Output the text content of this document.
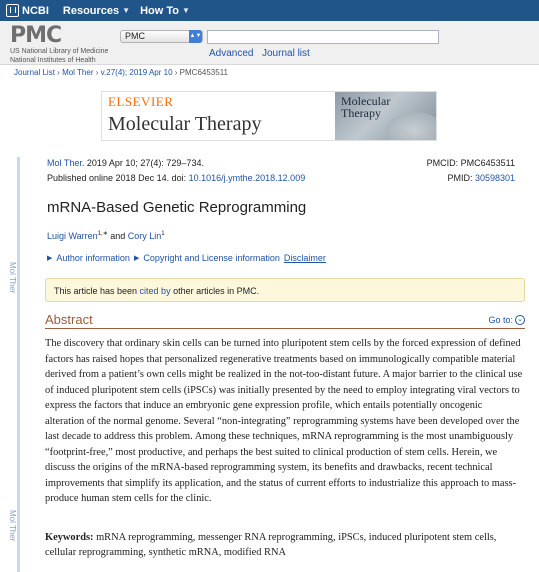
NCBI Resources ▼ How To ▼
PMC
US National Library of Medicine
National Institutes of Health
PMC	▲▼
Advanced Journal list
Journal List › Mol Ther › v.27(4); 2019 Apr 10 › PMC6453511
ELSEVIER
Molecular Therapy
Molecular
Therapy
Mol Ther
Mol Ther
Mol Ther. 2019 Apr 10; 27(4): 729–734.
Published online 2018 Dec 14. doi: 10.1016/j.ymthe.2018.12.009
PMCID: PMC6453511
PMID: 30598301
mRNA-Based Genetic Reprogramming
Luigi Warren$^{1,∗}$ and Cory Lin$^1$
▶ Author information ▶ Copyright and License information Disclaimer
This article has been cited by other articles in PMC.
Abstract	Go to: ⌄

The discovery that ordinary skin cells can be turned into pluripotent stem cells by the forced expression of defined factors has raised hopes that personalized regenerative treatments based on immunologically compatible material derived from a patient’s own cells might be realized in the not-too-distant future. A major barrier to the clinical use of induced pluripotent stem cells (iPSCs) was initially presented by the need to employ integrating viral vectors to express the factors that induce an embryonic gene expression profile, which entails potentially oncogenic alteration of the normal genome. Several “non-integrating” reprogramming systems have been developed over the last decade to address this problem. Among these techniques, mRNA reprogramming is the most unambiguously “footprint-free,” most productive, and perhaps the best suited to clinical production of stem cells. Herein, we discuss the origins of the mRNA-based reprogramming system, its benefits and drawbacks, recent technical improvements that simplify its application, and the status of current efforts to industrialize this approach to mass-produce human stem cells for the clinic.

Keywords: mRNA reprogramming, messenger RNA reprogramming, iPSCs, induced pluripotent stem cells, cellular reprogramming, synthetic mRNA, modified RNA
